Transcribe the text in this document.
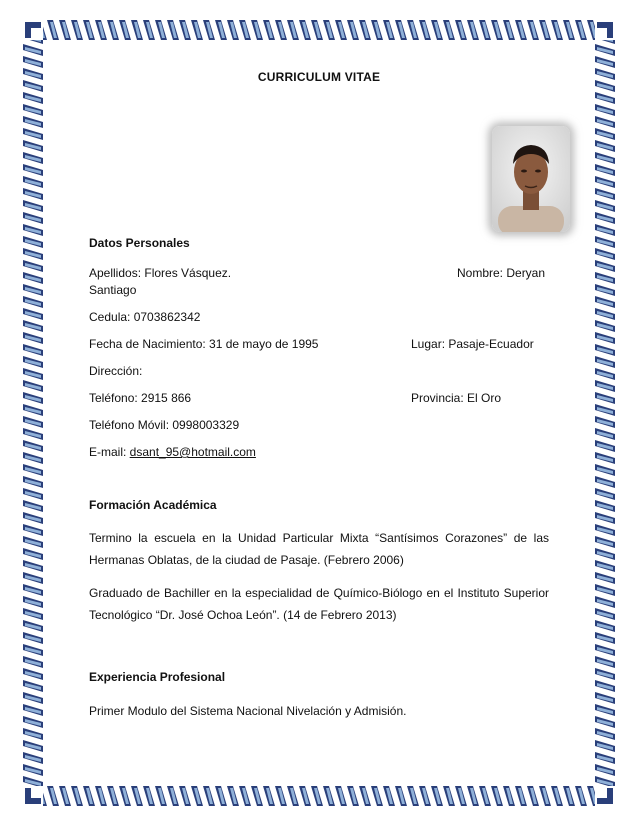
CURRICULUM VITAE
Datos Personales
Apellidos: Flores Vásquez.	Nombre: Deryan
Santiago
Cedula: 0703862342
Fecha de Nacimiento: 31 de mayo de 1995	Lugar: Pasaje-Ecuador
Dirección:
Teléfono: 2915 866	Provincia: El Oro
Teléfono Móvil: 0998003329
E-mail: dsant_95@hotmail.com
Formación Académica
Termino la escuela en la Unidad Particular Mixta “Santísimos Corazones” de las Hermanas Oblatas, de la ciudad de Pasaje. (Febrero 2006)
Graduado de Bachiller en la especialidad de Químico-Biólogo en el Instituto Superior Tecnológico “Dr. José Ochoa León”. (14 de Febrero 2013)
Experiencia Profesional
Primer Modulo del Sistema Nacional Nivelación y Admisión.
